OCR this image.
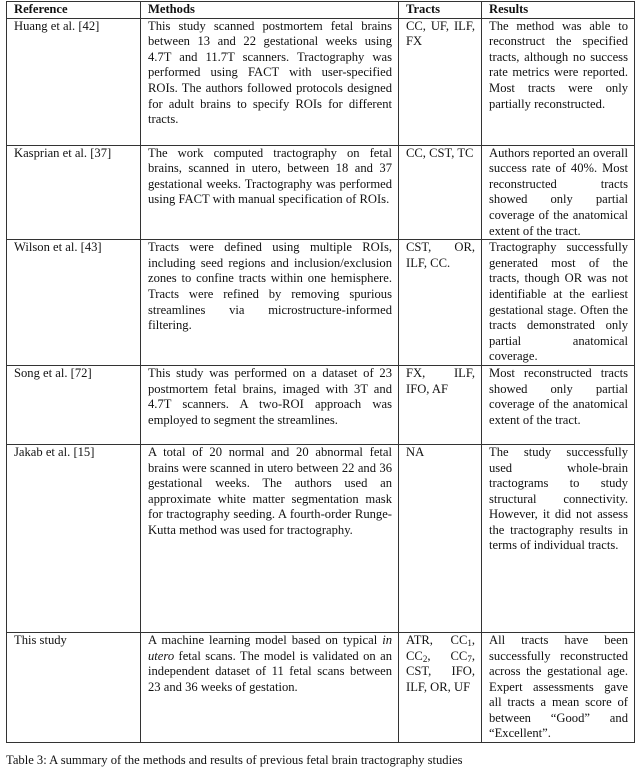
Reference	Methods	Tracts	Results
Huang et al. [42]	This study scanned postmortem fetal brains between 13 and 22 gestational weeks using 4.7T and 11.7T scanners. Tractography was performed using FACT with user-specified ROIs. The authors followed protocols designed for adult brains to specify ROIs for different tracts.	CC, UF, ILF, FX	The method was able to reconstruct the specified tracts, although no success rate metrics were reported. Most tracts were only partially reconstructed.
Kasprian et al. [37]	The work computed tractography on fetal brains, scanned in utero, between 18 and 37 gestational weeks. Tractography was performed using FACT with manual specification of ROIs.	CC, CST, TC	Authors reported an overall success rate of 40%. Most reconstructed tracts showed only partial coverage of the anatomical extent of the tract.
Wilson et al. [43]	Tracts were defined using multiple ROIs, including seed regions and inclusion/exclusion zones to confine tracts within one hemisphere. Tracts were refined by removing spurious streamlines via microstructure-informed filtering.	CST, OR, ILF, CC.	Tractography successfully generated most of the tracts, though OR was not identifiable at the earliest gestational stage. Often the tracts demonstrated only partial anatomical coverage.
Song et al. [72]	This study was performed on a dataset of 23 postmortem fetal brains, imaged with 3T and 4.7T scanners. A two-ROI approach was employed to segment the streamlines.	FX, ILF, IFO, AF	Most reconstructed tracts showed only partial coverage of the anatomical extent of the tract.
Jakab et al. [15]	A total of 20 normal and 20 abnormal fetal brains were scanned in utero between 22 and 36 gestational weeks. The authors used an approximate white matter segmentation mask for tractography seeding. A fourth-order Runge-Kutta method was used for tractography.	NA	The study successfully used whole-brain tractograms to study structural connectivity. However, it did not assess the tractography results in terms of individual tracts.
This study	A machine learning model based on typical in utero fetal scans. The model is validated on an independent dataset of 11 fetal scans between 23 and 36 weeks of gestation.	ATR, $CC_1$, $CC_2$, $CC_7$, CST, IFO, ILF, OR, UF	All tracts have been successfully reconstructed across the gestational age. Expert assessments gave all tracts a mean score of between “Good” and “Excellent”.
Table 3: A summary of the methods and results of previous fetal brain tractography studies
